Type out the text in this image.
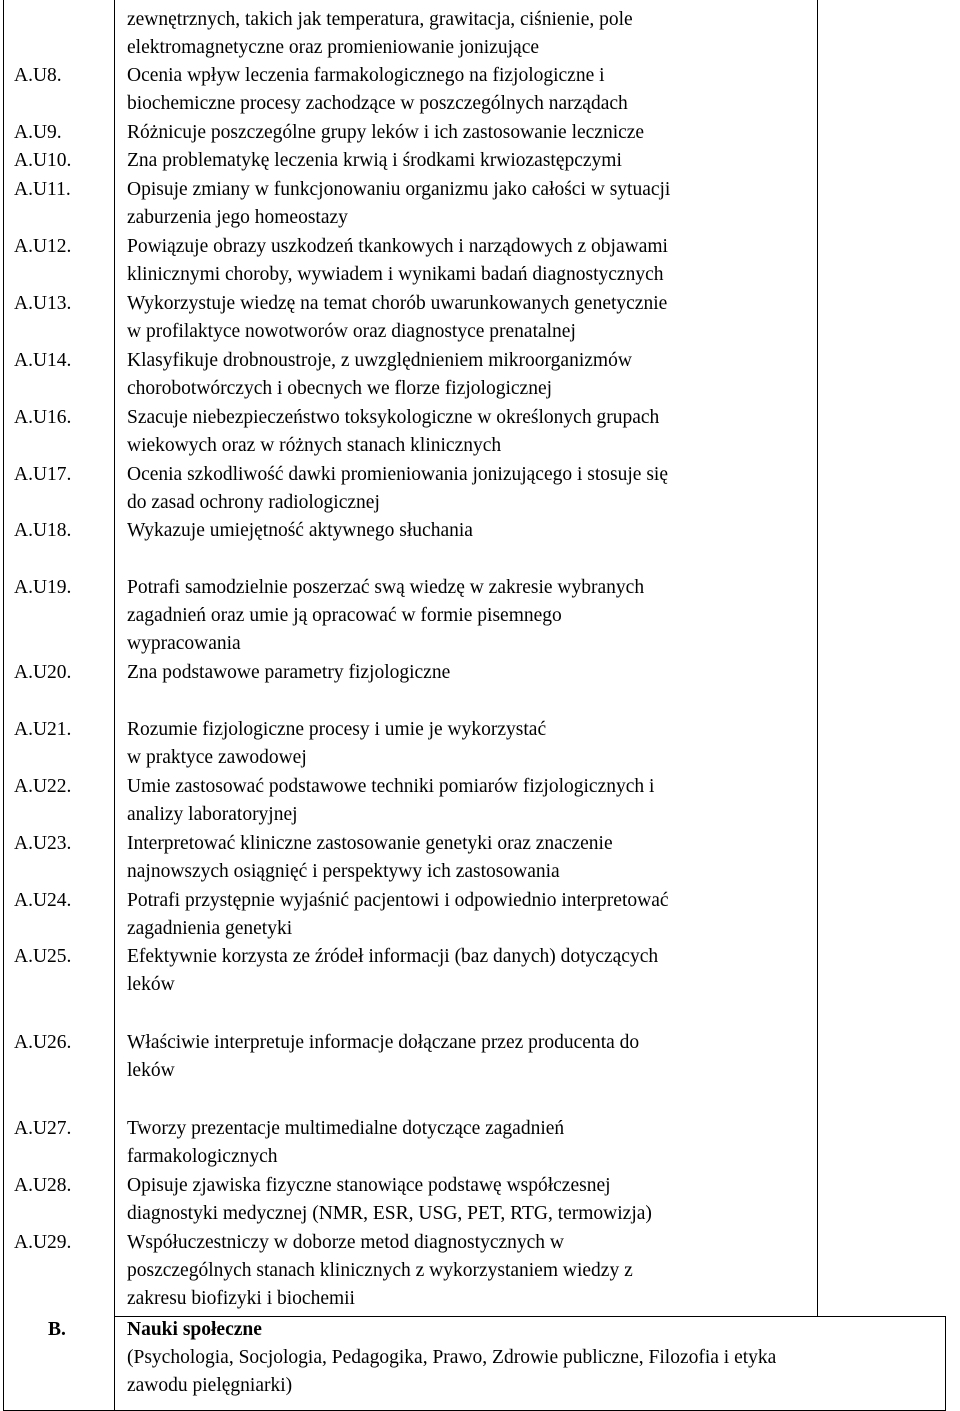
zewnętrznych, takich jak temperatura, grawitacja, ciśnienie, pole
elektromagnetyczne oraz promieniowanie jonizujące
A.U8.	Ocenia wpływ leczenia farmakologicznego na fizjologiczne i
biochemiczne procesy zachodzące w poszczególnych narządach
A.U9.	Różnicuje poszczególne grupy leków i ich zastosowanie lecznicze
A.U10.	Zna problematykę leczenia krwią i środkami krwiozastępczymi
A.U11.	Opisuje zmiany w funkcjonowaniu organizmu jako całości w sytuacji
zaburzenia jego homeostazy
A.U12.	Powiązuje obrazy uszkodzeń tkankowych i narządowych z objawami
klinicznymi choroby, wywiadem i wynikami badań diagnostycznych
A.U13.	Wykorzystuje wiedzę na temat chorób uwarunkowanych genetycznie
w profilaktyce nowotworów oraz diagnostyce prenatalnej
A.U14.	Klasyfikuje drobnoustroje, z uwzględnieniem mikroorganizmów
chorobotwórczych i obecnych we florze fizjologicznej
A.U16.	Szacuje niebezpieczeństwo toksykologiczne w określonych grupach
wiekowych oraz w różnych stanach klinicznych
A.U17.	Ocenia szkodliwość dawki promieniowania jonizującego i stosuje się
do zasad ochrony radiologicznej
A.U18.	Wykazuje umiejętność aktywnego słuchania
A.U19.	Potrafi samodzielnie poszerzać swą wiedzę w zakresie wybranych
zagadnień oraz umie ją opracować w formie pisemnego
wypracowania
A.U20.	Zna podstawowe parametry fizjologiczne
A.U21.	Rozumie fizjologiczne procesy i umie je wykorzystać
w praktyce zawodowej
A.U22.	Umie zastosować podstawowe techniki pomiarów fizjologicznych i
analizy laboratoryjnej
A.U23.	Interpretować kliniczne zastosowanie genetyki oraz znaczenie
najnowszych osiągnięć i perspektywy ich zastosowania
A.U24.	Potrafi przystępnie wyjaśnić pacjentowi i odpowiednio interpretować
zagadnienia genetyki
A.U25.	Efektywnie korzysta ze źródeł informacji (baz danych) dotyczących
leków
A.U26.	Właściwie interpretuje informacje dołączane przez producenta do
leków
A.U27.	Tworzy prezentacje multimedialne dotyczące zagadnień
farmakologicznych
A.U28.	Opisuje zjawiska fizyczne stanowiące podstawę współczesnej
diagnostyki medycznej (NMR, ESR, USG, PET, RTG, termowizja)
A.U29.	Współuczestniczy w doborze metod diagnostycznych w
poszczególnych stanach klinicznych z wykorzystaniem wiedzy z
zakresu biofizyki i biochemii
B.	Nauki społeczne
(Psychologia, Socjologia, Pedagogika, Prawo, Zdrowie publiczne, Filozofia i etyka
zawodu pielęgniarki)
